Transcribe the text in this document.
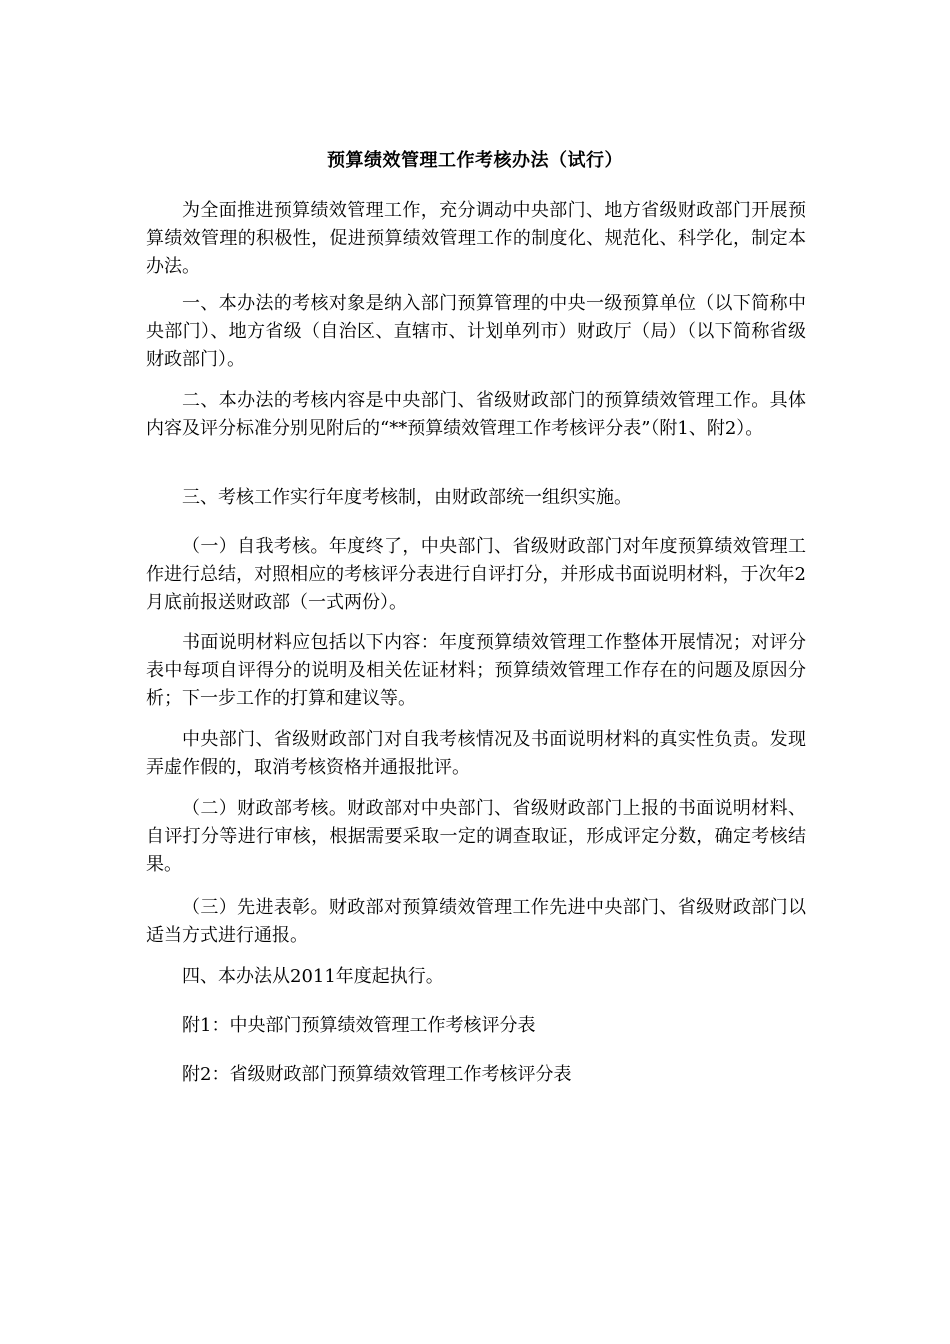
预算绩效管理工作考核办法（试行）

为全面推进预算绩效管理工作，充分调动中央部门、地方省级财政部门开展预算绩效管理的积极性，促进预算绩效管理工作的制度化、规范化、科学化，制定本办法。

一、本办法的考核对象是纳入部门预算管理的中央一级预算单位（以下简称中央部门）、地方省级（自治区、直辖市、计划单列市）财政厅（局）（以下简称省级财政部门）。

二、本办法的考核内容是中央部门、省级财政部门的预算绩效管理工作。具体内容及评分标准分别见附后的“**预算绩效管理工作考核评分表”（附1、附2）。

三、考核工作实行年度考核制，由财政部统一组织实施。

（一）自我考核。年度终了，中央部门、省级财政部门对年度预算绩效管理工作进行总结，对照相应的考核评分表进行自评打分，并形成书面说明材料，于次年2月底前报送财政部（一式两份）。

书面说明材料应包括以下内容：年度预算绩效管理工作整体开展情况；对评分表中每项自评得分的说明及相关佐证材料；预算绩效管理工作存在的问题及原因分析；下一步工作的打算和建议等。

中央部门、省级财政部门对自我考核情况及书面说明材料的真实性负责。发现弄虚作假的，取消考核资格并通报批评。

（二）财政部考核。财政部对中央部门、省级财政部门上报的书面说明材料、自评打分等进行审核，根据需要采取一定的调查取证，形成评定分数，确定考核结果。

（三）先进表彰。财政部对预算绩效管理工作先进中央部门、省级财政部门以适当方式进行通报。

四、本办法从2011年度起执行。

附1：中央部门预算绩效管理工作考核评分表

附2：省级财政部门预算绩效管理工作考核评分表
